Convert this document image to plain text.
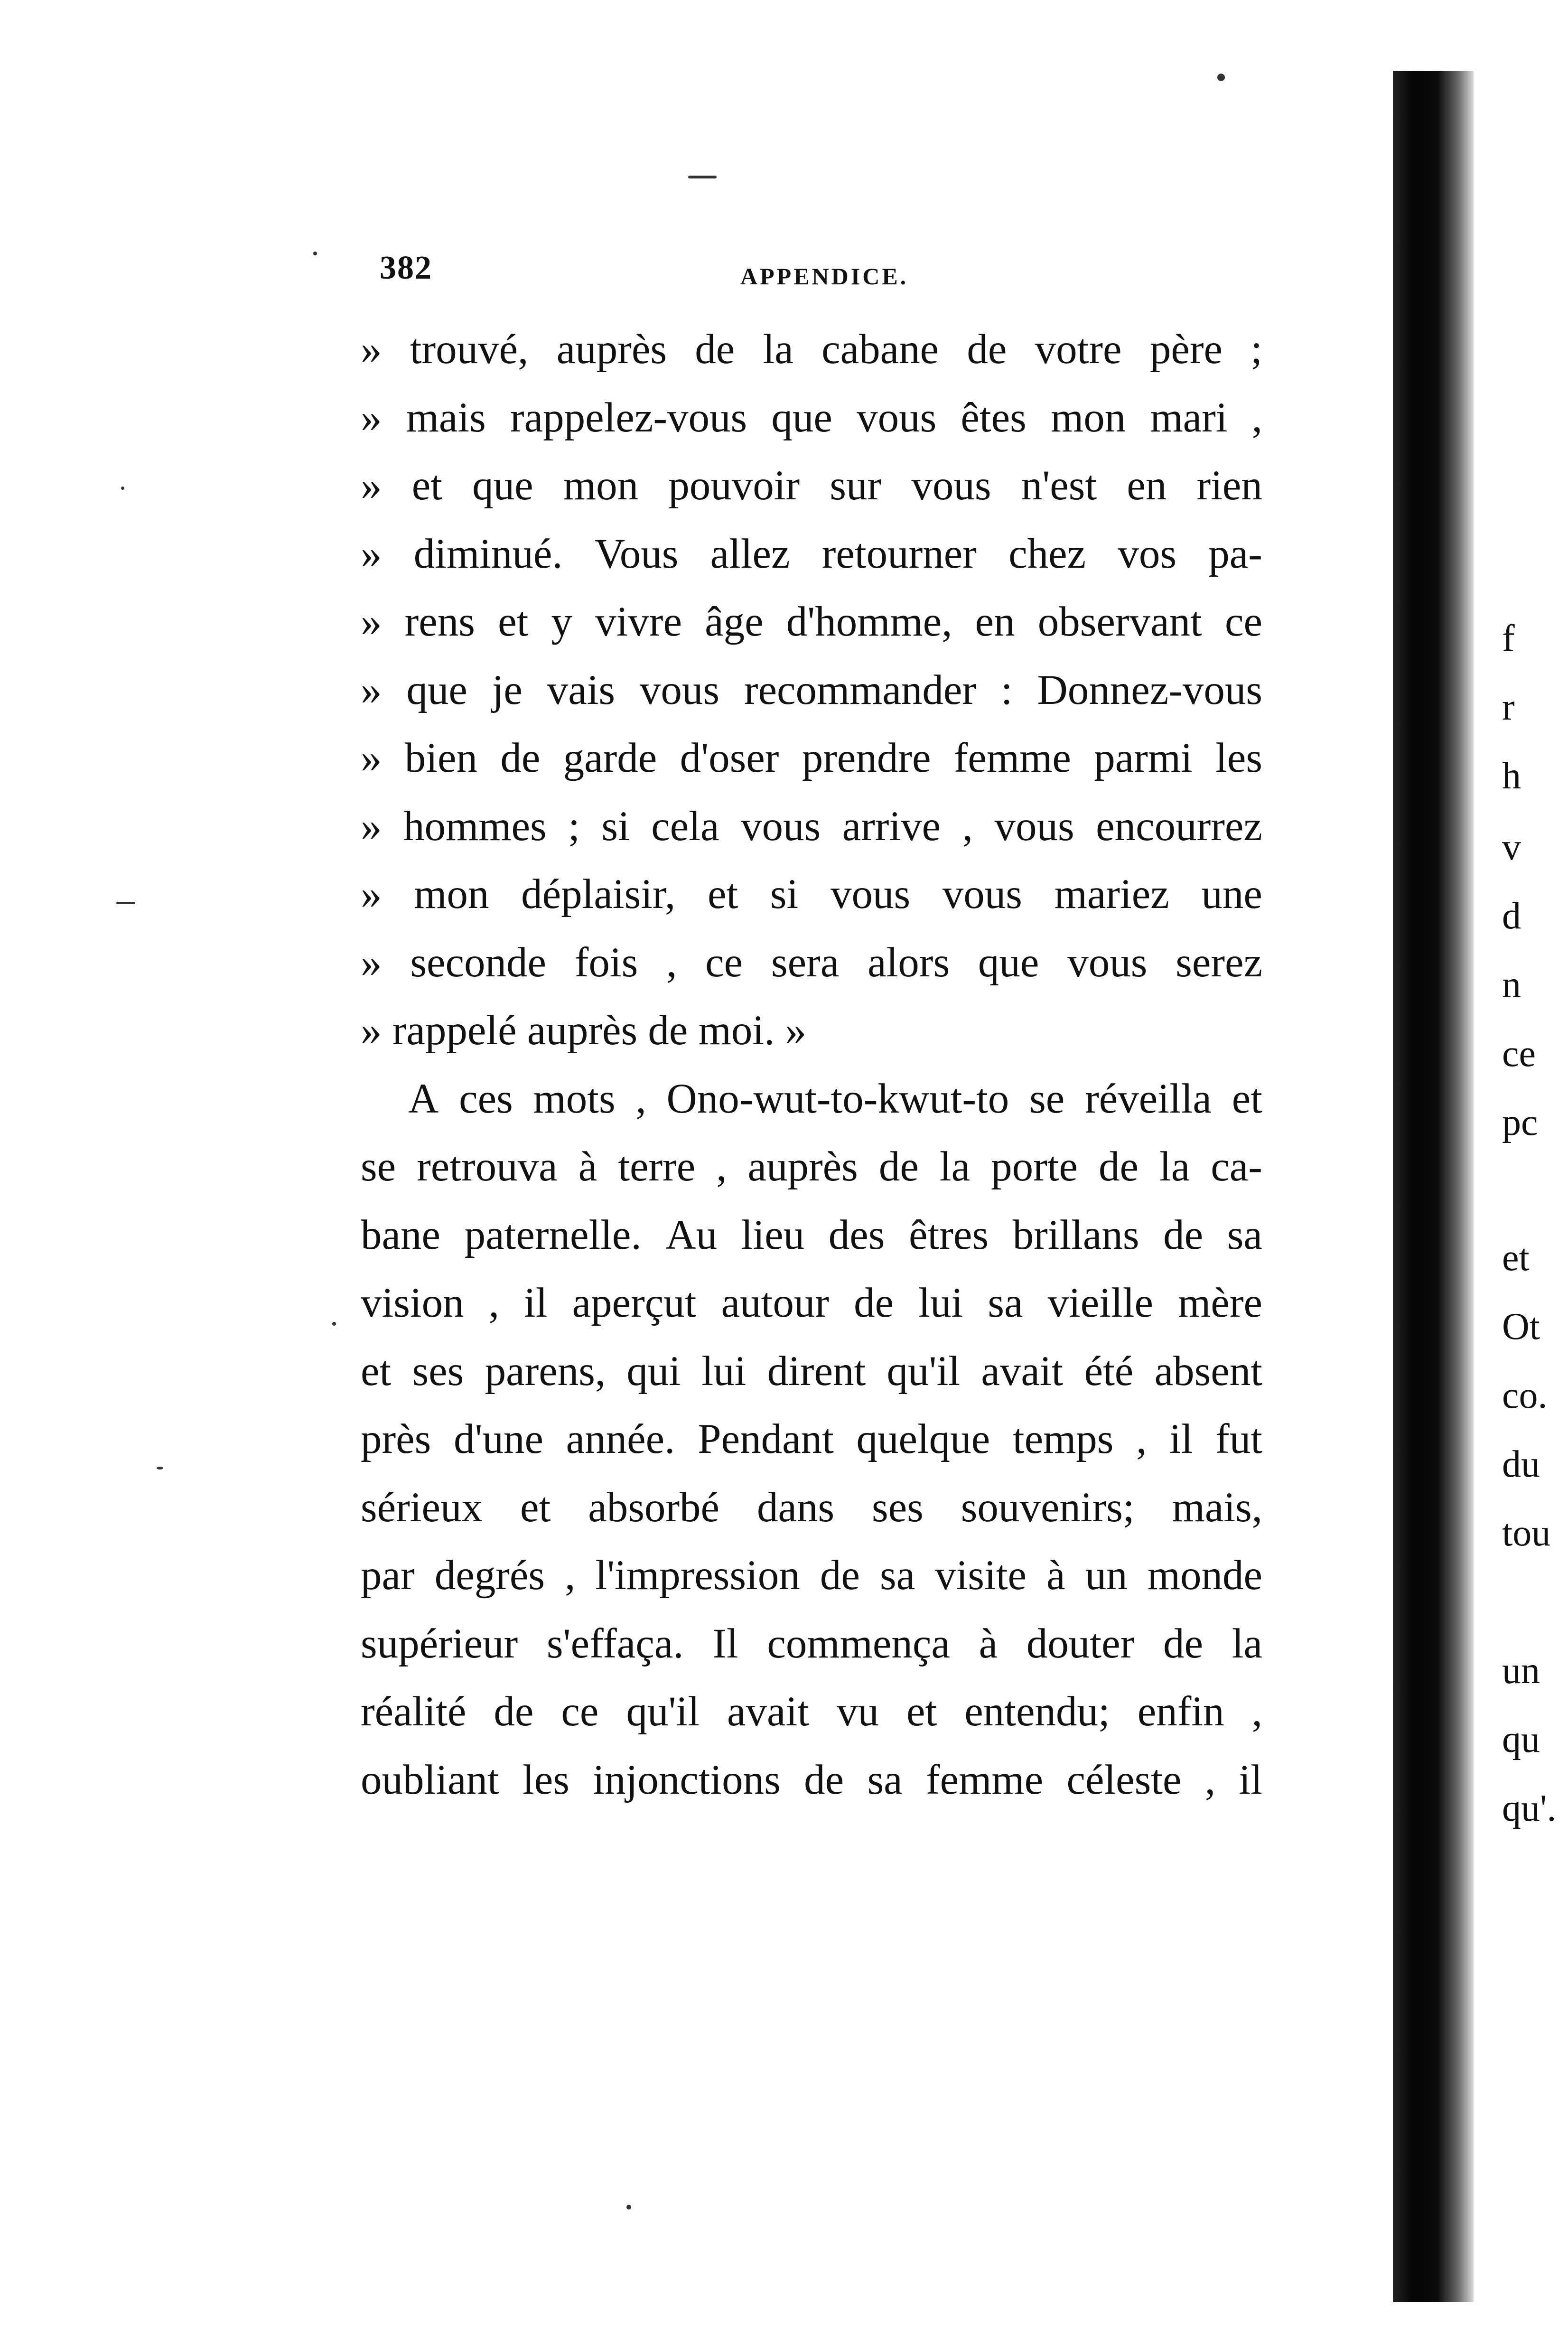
382	APPENDICE.
» trouvé, auprès de la cabane de votre père ;
» mais rappelez-vous que vous êtes mon mari ,
» et que mon pouvoir sur vous n'est en rien
» diminué. Vous allez retourner chez vos pa-
» rens et y vivre âge d'homme, en observant ce
» que je vais vous recommander : Donnez-vous
» bien de garde d'oser prendre femme parmi les
» hommes ; si cela vous arrive , vous encourrez
» mon déplaisir, et si vous vous mariez une
» seconde fois , ce sera alors que vous serez
» rappelé auprès de moi. »
A ces mots , Ono-wut-to-kwut-to se réveilla et
se retrouva à terre , auprès de la porte de la ca-
bane paternelle. Au lieu des êtres brillans de sa
vision , il aperçut autour de lui sa vieille mère
et ses parens, qui lui dirent qu'il avait été absent
près d'une année. Pendant quelque temps , il fut
sérieux et absorbé dans ses souvenirs; mais,
par degrés , l'impression de sa visite à un monde
supérieur s'effaça. Il commença à douter de la
réalité de ce qu'il avait vu et entendu; enfin ,
oubliant les injonctions de sa femme céleste , il
f
r
h
v
d
n
ce
pc
et
Ot
co.
du
tou
un
qu
qu'.
